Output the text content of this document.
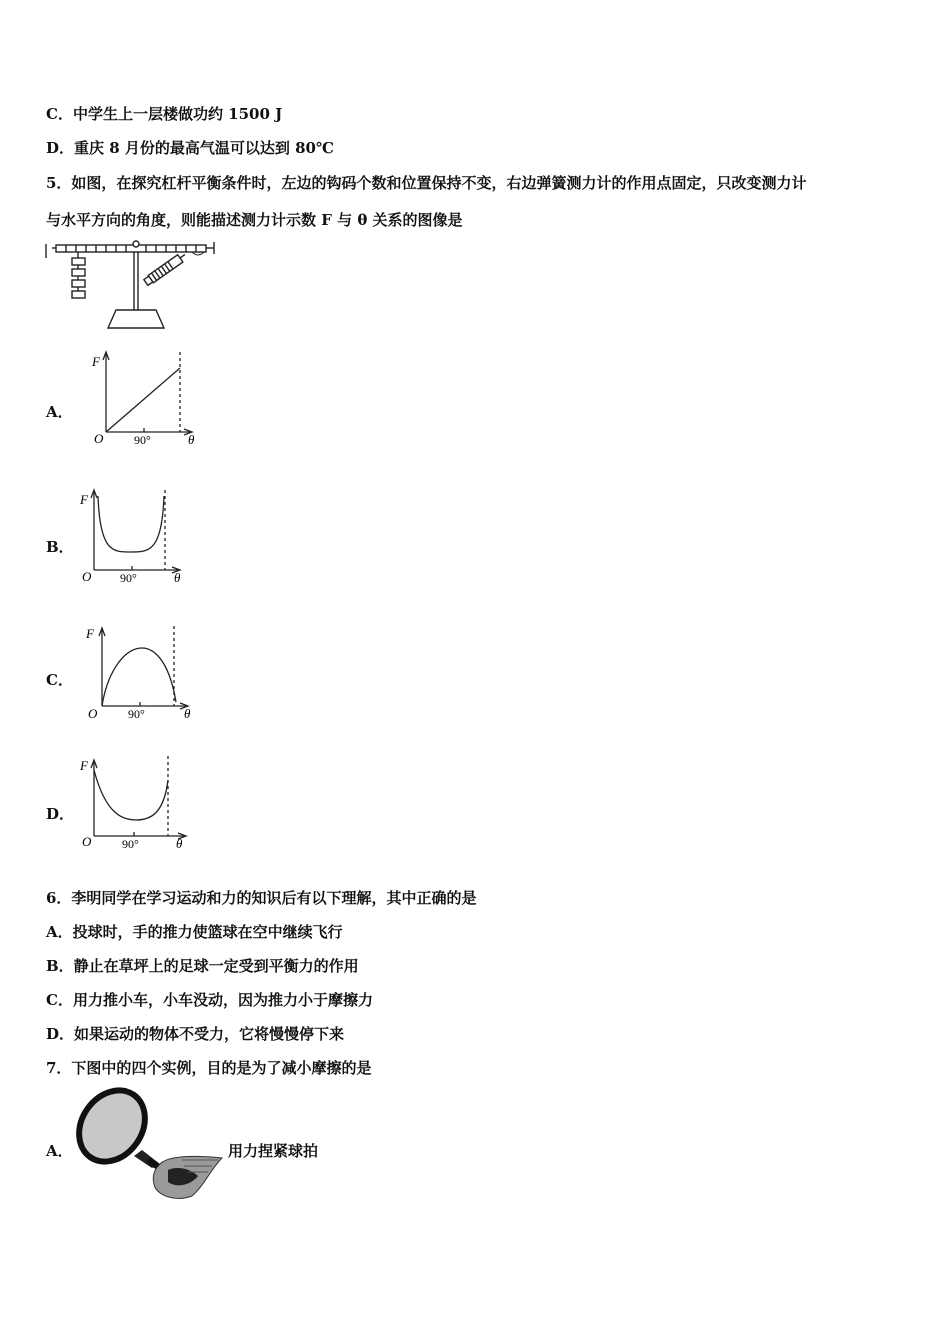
C．中学生上一层楼做功约 1500 J
D．重庆 8 月份的最高气温可以达到 80℃
5．如图，在探究杠杆平衡条件时，左边的钩码个数和位置保持不变，右边弹簧测力计的作用点固定，只改变测力计
与水平方向的角度，则能描述测力计示数 F 与 θ 关系的图像是
A．
F
O	90°	θ
B．
F
O 90°	θ
C．
F
O	90°	θ
D．
F
O	90°	θ
6．李明同学在学习运动和力的知识后有以下理解，其中正确的是
A．投球时，手的推力使篮球在空中继续飞行
B．静止在草坪上的足球一定受到平衡力的作用
C．用力推小车，小车没动，因为推力小于摩擦力
D．如果运动的物体不受力，它将慢慢停下来
7．下图中的四个实例，目的是为了减小摩擦的是
A．	用力捏紧球拍
